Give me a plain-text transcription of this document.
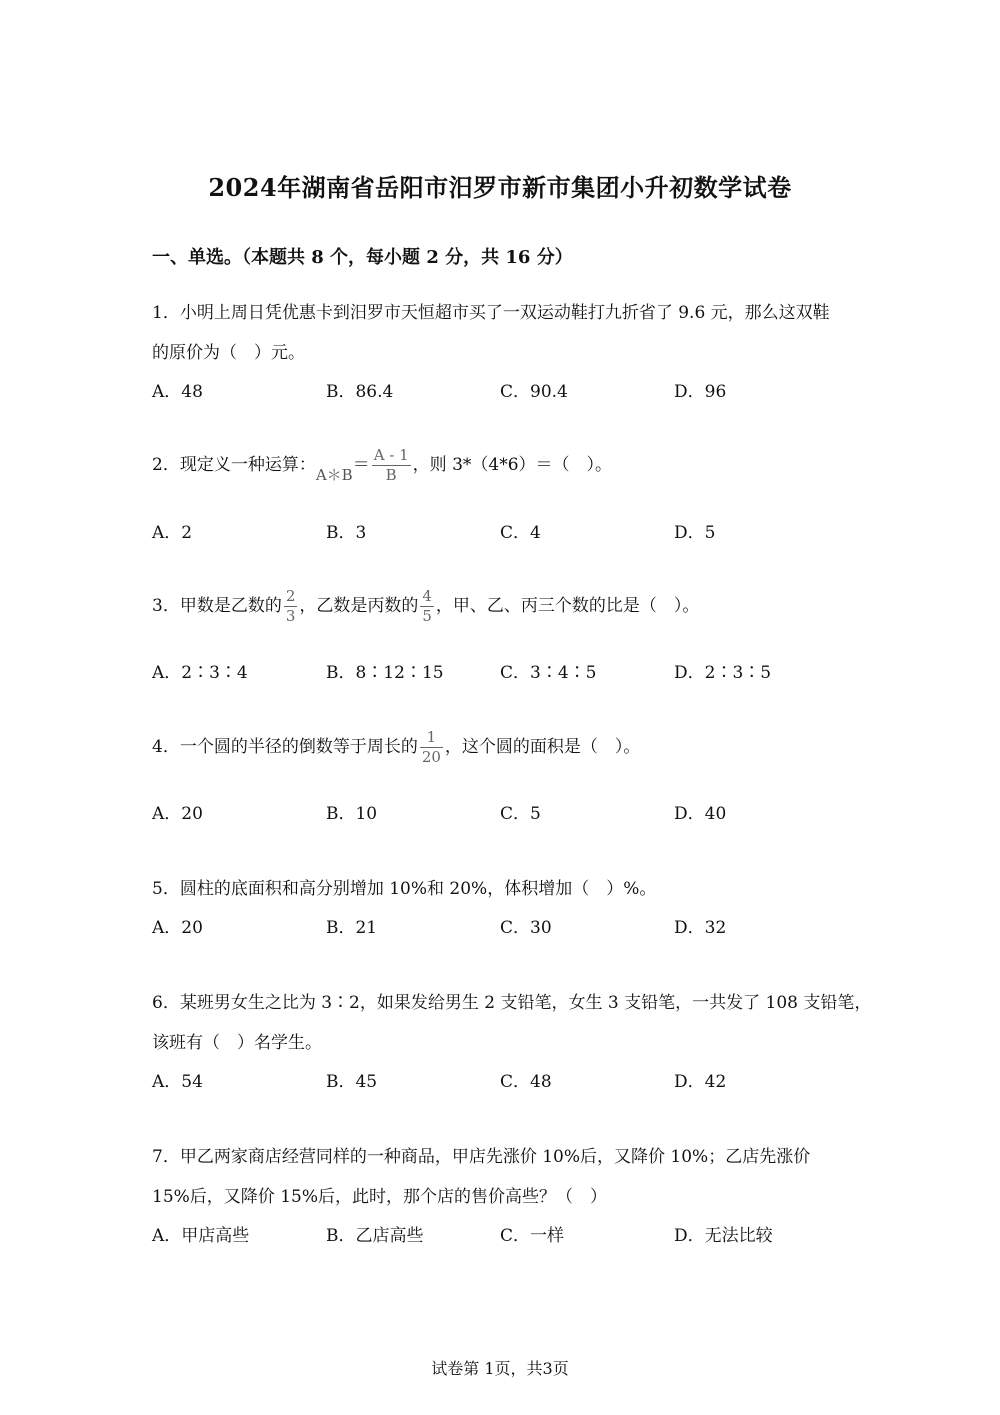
2024年湖南省岳阳市汨罗市新市集团小升初数学试卷
一、单选。（本题共 8 个，每小题 2 分，共 16 分）
1．小明上周日凭优惠卡到汨罗市天恒超市买了一双运动鞋打九折省了 9.6 元，那么这双鞋
的原价为（　）元。
A．48	B．86.4	C．90.4	D．96
2．现定义一种运算：A＊B＝ $\frac{A - 1}{B}$ ，则 3*（4*6）＝（　）。
A．2	B．3	C．4	D．5
3．甲数是乙数的 $\frac{2}{3}$ ，乙数是丙数的 $\frac{4}{5}$ ，甲、乙、丙三个数的比是（　）。
A．2∶3∶4	B．8∶12∶15	C．3∶4∶5	D．2∶3∶5
4．一个圆的半径的倒数等于周长的 $\frac{1}{20}$ ，这个圆的面积是（　）。
A．20	B．10	C．5	D．40
5．圆柱的底面积和高分别增加 10%和 20%，体积增加（　）%。
A．20	B．21	C．30	D．32
6．某班男女生之比为 3∶2，如果发给男生 2 支铅笔，女生 3 支铅笔，一共发了 108 支铅笔，
该班有（　）名学生。
A．54	B．45	C．48	D．42
7．甲乙两家商店经营同样的一种商品，甲店先涨价 10%后，又降价 10%；乙店先涨价
15%后，又降价 15%后，此时，那个店的售价高些？（　）
A．甲店高些	B．乙店高些	C．一样	D．无法比较
试卷第 1页，共3页
